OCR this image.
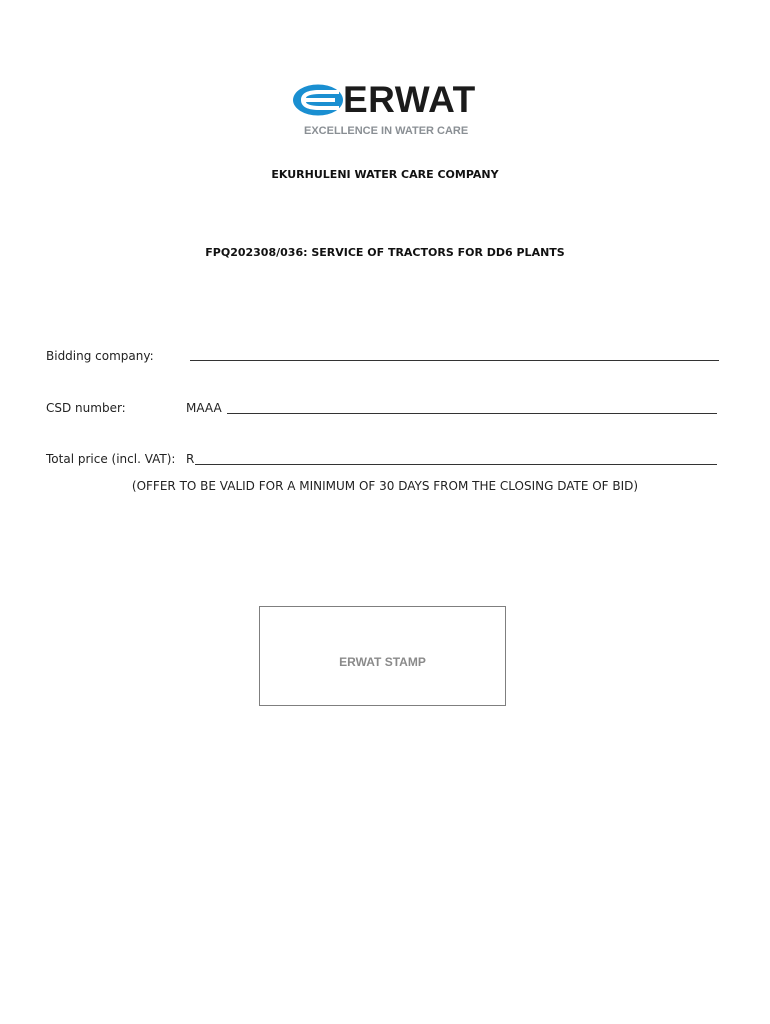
ERWAT
EXCELLENCE IN WATER CARE
EKURHULENI WATER CARE COMPANY
FPQ202308/036: SERVICE OF TRACTORS FOR DD6 PLANTS
Bidding company:
CSD number:	MAAA
Total price (incl. VAT): R
(OFFER TO BE VALID FOR A MINIMUM OF 30 DAYS FROM THE CLOSING DATE OF BID)
ERWAT STAMP
